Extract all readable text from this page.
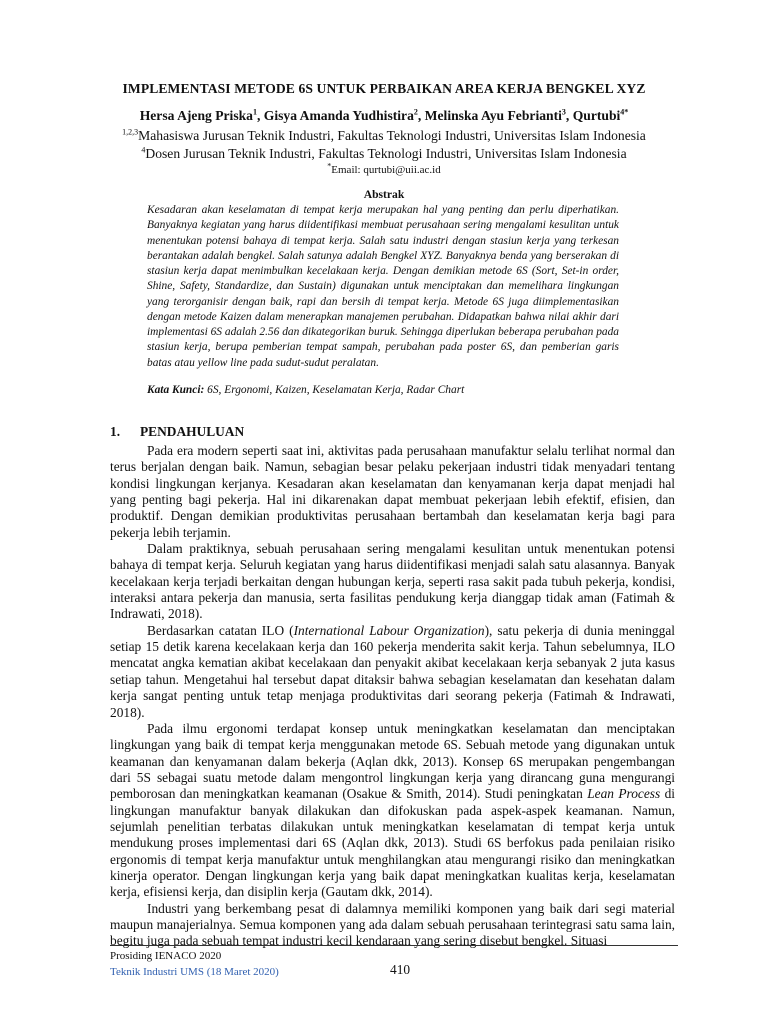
IMPLEMENTASI METODE 6S UNTUK PERBAIKAN AREA KERJA BENGKEL XYZ
Hersa Ajeng Priska$^1$, Gisya Amanda Yudhistira$^2$, Melinska Ayu Febrianti$^3$, Qurtubi$^{4*}$
$^{1,2,3}$Mahasiswa Jurusan Teknik Industri, Fakultas Teknologi Industri, Universitas Islam Indonesia
$^4$Dosen Jurusan Teknik Industri, Fakultas Teknologi Industri, Universitas Islam Indonesia
*Email: qurtubi@uii.ac.id
Abstrak

Kesadaran akan keselamatan di tempat kerja merupakan hal yang penting dan perlu diperhatikan. Banyaknya kegiatan yang harus diidentifikasi membuat perusahaan sering mengalami kesulitan untuk menentukan potensi bahaya di tempat kerja. Salah satu industri dengan stasiun kerja yang terkesan berantakan adalah bengkel. Salah satunya adalah Bengkel XYZ. Banyaknya benda yang berserakan di stasiun kerja dapat menimbulkan kecelakaan kerja. Dengan demikian metode 6S (Sort, Set-in order, Shine, Safety, Standardize, dan Sustain) digunakan untuk menciptakan dan memelihara lingkungan yang terorganisir dengan baik, rapi dan bersih di tempat kerja. Metode 6S juga diimplementasikan dengan metode Kaizen dalam menerapkan manajemen perubahan. Didapatkan bahwa nilai akhir dari implementasi 6S adalah 2.56 dan dikategorikan buruk. Sehingga diperlukan beberapa perubahan pada stasiun kerja, berupa pemberian tempat sampah, perubahan pada poster 6S, dan pemberian garis batas atau yellow line pada sudut-sudut peralatan.

Kata Kunci: 6S, Ergonomi, Kaizen, Keselamatan Kerja, Radar Chart

1. PENDAHULUAN

Pada era modern seperti saat ini, aktivitas pada perusahaan manufaktur selalu terlihat normal dan terus berjalan dengan baik. Namun, sebagian besar pelaku pekerjaan industri tidak menyadari tentang kondisi lingkungan kerjanya. Kesadaran akan keselamatan dan kenyamanan kerja dapat menjadi hal yang penting bagi pekerja. Hal ini dikarenakan dapat membuat pekerjaan lebih efektif, efisien, dan produktif. Dengan demikian produktivitas perusahaan bertambah dan keselamatan kerja bagi para pekerja lebih terjamin.

Dalam praktiknya, sebuah perusahaan sering mengalami kesulitan untuk menentukan potensi bahaya di tempat kerja. Seluruh kegiatan yang harus diidentifikasi menjadi salah satu alasannya. Banyak kecelakaan kerja terjadi berkaitan dengan hubungan kerja, seperti rasa sakit pada tubuh pekerja, kondisi, interaksi antara pekerja dan manusia, serta fasilitas pendukung kerja dianggap tidak aman (Fatimah & Indrawati, 2018).

Berdasarkan catatan ILO (International Labour Organization), satu pekerja di dunia meninggal setiap 15 detik karena kecelakaan kerja dan 160 pekerja menderita sakit kerja. Tahun sebelumnya, ILO mencatat angka kematian akibat kecelakaan dan penyakit akibat kecelakaan kerja sebanyak 2 juta kasus setiap tahun. Mengetahui hal tersebut dapat ditaksir bahwa sebagian keselamatan dan kesehatan dalam kerja sangat penting untuk tetap menjaga produktivitas dari seorang pekerja (Fatimah & Indrawati, 2018).

Pada ilmu ergonomi terdapat konsep untuk meningkatkan keselamatan dan menciptakan lingkungan yang baik di tempat kerja menggunakan metode 6S. Sebuah metode yang digunakan untuk keamanan dan kenyamanan dalam bekerja (Aqlan dkk, 2013). Konsep 6S merupakan pengembangan dari 5S sebagai suatu metode dalam mengontrol lingkungan kerja yang dirancang guna mengurangi pemborosan dan meningkatkan keamanan (Osakue & Smith, 2014). Studi peningkatan Lean Process di lingkungan manufaktur banyak dilakukan dan difokuskan pada aspek-aspek keamanan. Namun, sejumlah penelitian terbatas dilakukan untuk meningkatkan keselamatan di tempat kerja untuk mendukung proses implementasi dari 6S (Aqlan dkk, 2013). Studi 6S berfokus pada penilaian risiko ergonomis di tempat kerja manufaktur untuk menghilangkan atau mengurangi risiko dan meningkatkan kinerja operator. Dengan lingkungan kerja yang baik dapat meningkatkan kualitas kerja, keselamatan kerja, efisiensi kerja, dan disiplin kerja (Gautam dkk, 2014).

Industri yang berkembang pesat di dalamnya memiliki komponen yang baik dari segi material maupun manajerialnya. Semua komponen yang ada dalam sebuah perusahaan terintegrasi satu sama lain, begitu juga pada sebuah tempat industri kecil kendaraan yang sering disebut bengkel. Situasi

Prosiding IENACO 2020
Teknik Industri UMS (18 Maret 2020)	410
